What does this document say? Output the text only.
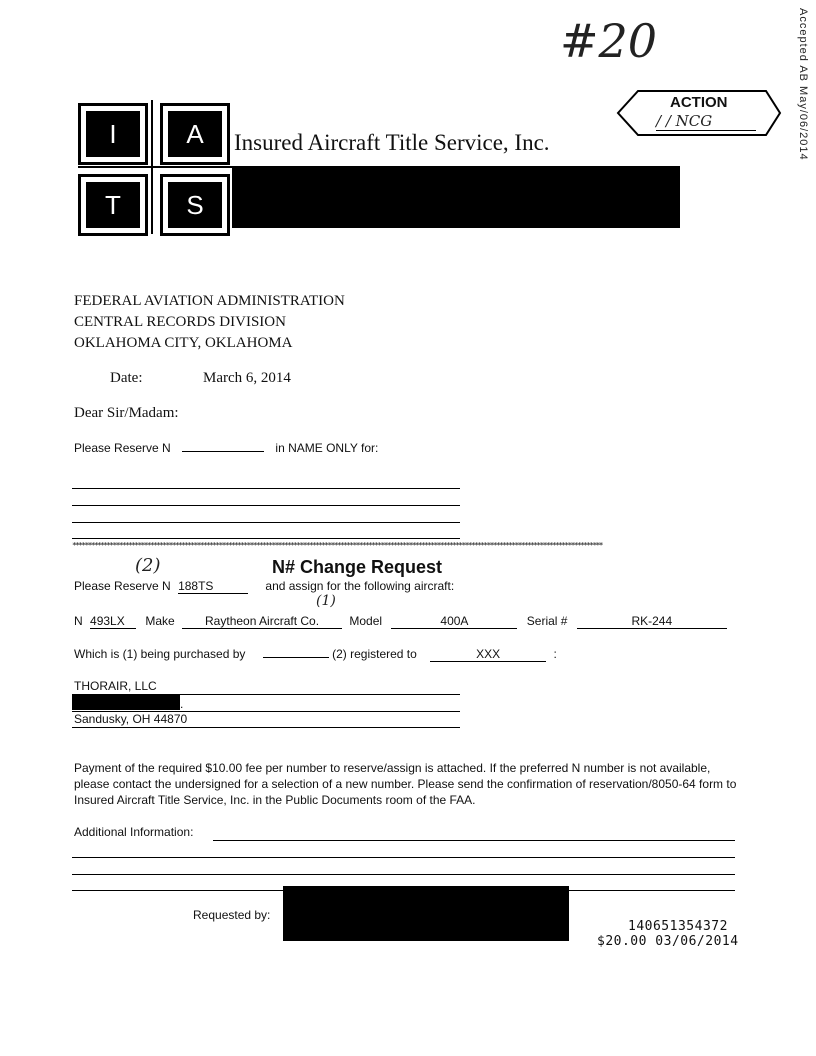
#20	Accepted AB May/06/2014
ACTION
/ / NCG
I	A
T	S
Insured Aircraft Title Service, Inc.
FEDERAL AVIATION ADMINISTRATION
CENTRAL RECORDS DIVISION
OKLAHOMA CITY, OKLAHOMA
Date:	March 6, 2014
Dear Sir/Madam:
Please Reserve N	in NAME ONLY for:
**************************************************************************************************************************************************************************
(2)	N# Change Request
Please Reserve N 188TS	and assign for the following aircraft:
(1)
N 493LX Make	Raytheon Aircraft Co.	Model	400A	Serial #	RK-244
Which is (1) being purchased by	(2) registered to	XXX	:
THORAIR, LLC
.
Sandusky, OH 44870
Payment of the required $10.00 fee per number to reserve/assign is attached. If the preferred N number is not available, please contact the undersigned for a selection of a new number. Please send the confirmation of reservation/8050-64 form to Insured Aircraft Title Service, Inc. in the Public Documents room of the FAA.
Additional Information:
Requested by:
140651354372
$20.00 03/06/2014
